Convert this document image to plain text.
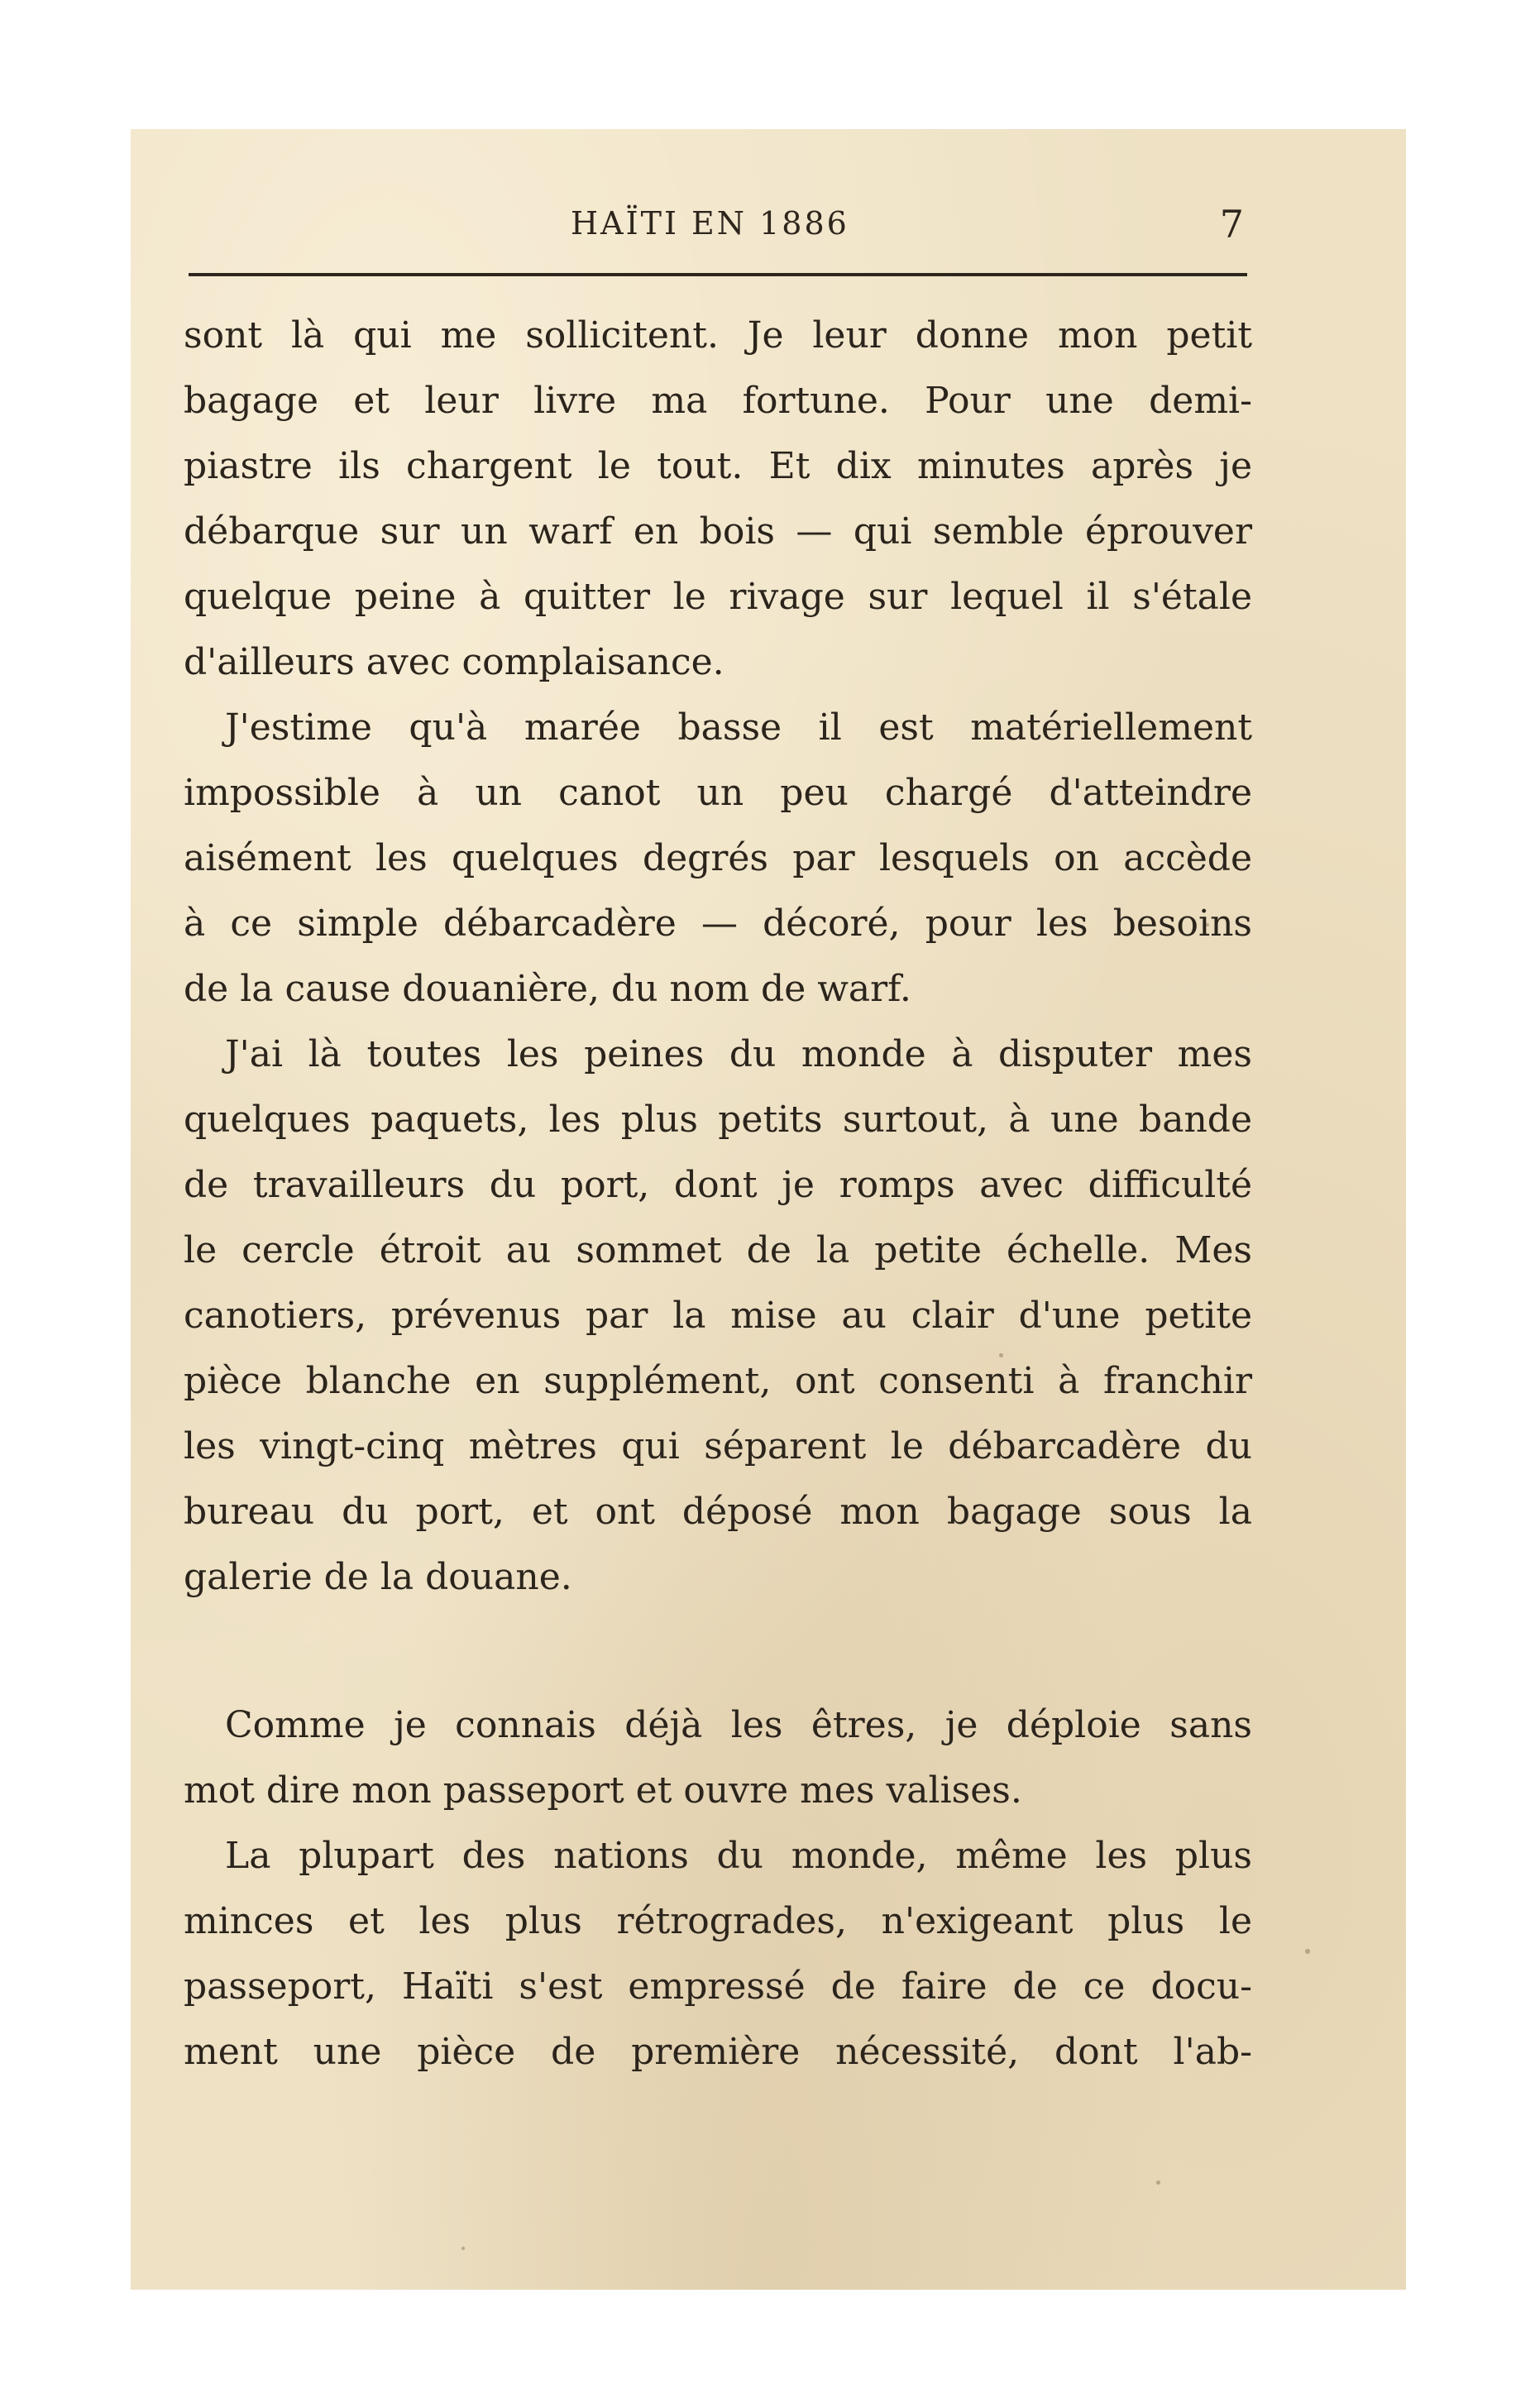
HAÏTI EN 1886	7
sont là qui me sollicitent. Je leur donne mon petit
bagage et leur livre ma fortune. Pour une demi-
piastre ils chargent le tout. Et dix minutes après je
débarque sur un warf en bois — qui semble éprouver
quelque peine à quitter le rivage sur lequel il s'étale
d'ailleurs avec complaisance.
J'estime qu'à marée basse il est matériellement
impossible à un canot un peu chargé d'atteindre
aisément les quelques degrés par lesquels on accède
à ce simple débarcadère — décoré, pour les besoins
de la cause douanière, du nom de warf.
J'ai là toutes les peines du monde à disputer mes
quelques paquets, les plus petits surtout, à une bande
de travailleurs du port, dont je romps avec difficulté
le cercle étroit au sommet de la petite échelle. Mes
canotiers, prévenus par la mise au clair d'une petite
pièce blanche en supplément, ont consenti à franchir
les vingt-cinq mètres qui séparent le débarcadère du
bureau du port, et ont déposé mon bagage sous la
galerie de la douane.
Comme je connais déjà les êtres, je déploie sans
mot dire mon passeport et ouvre mes valises.
La plupart des nations du monde, même les plus
minces et les plus rétrogrades, n'exigeant plus le
passeport, Haïti s'est empressé de faire de ce docu-
ment une pièce de première nécessité, dont l'ab-
